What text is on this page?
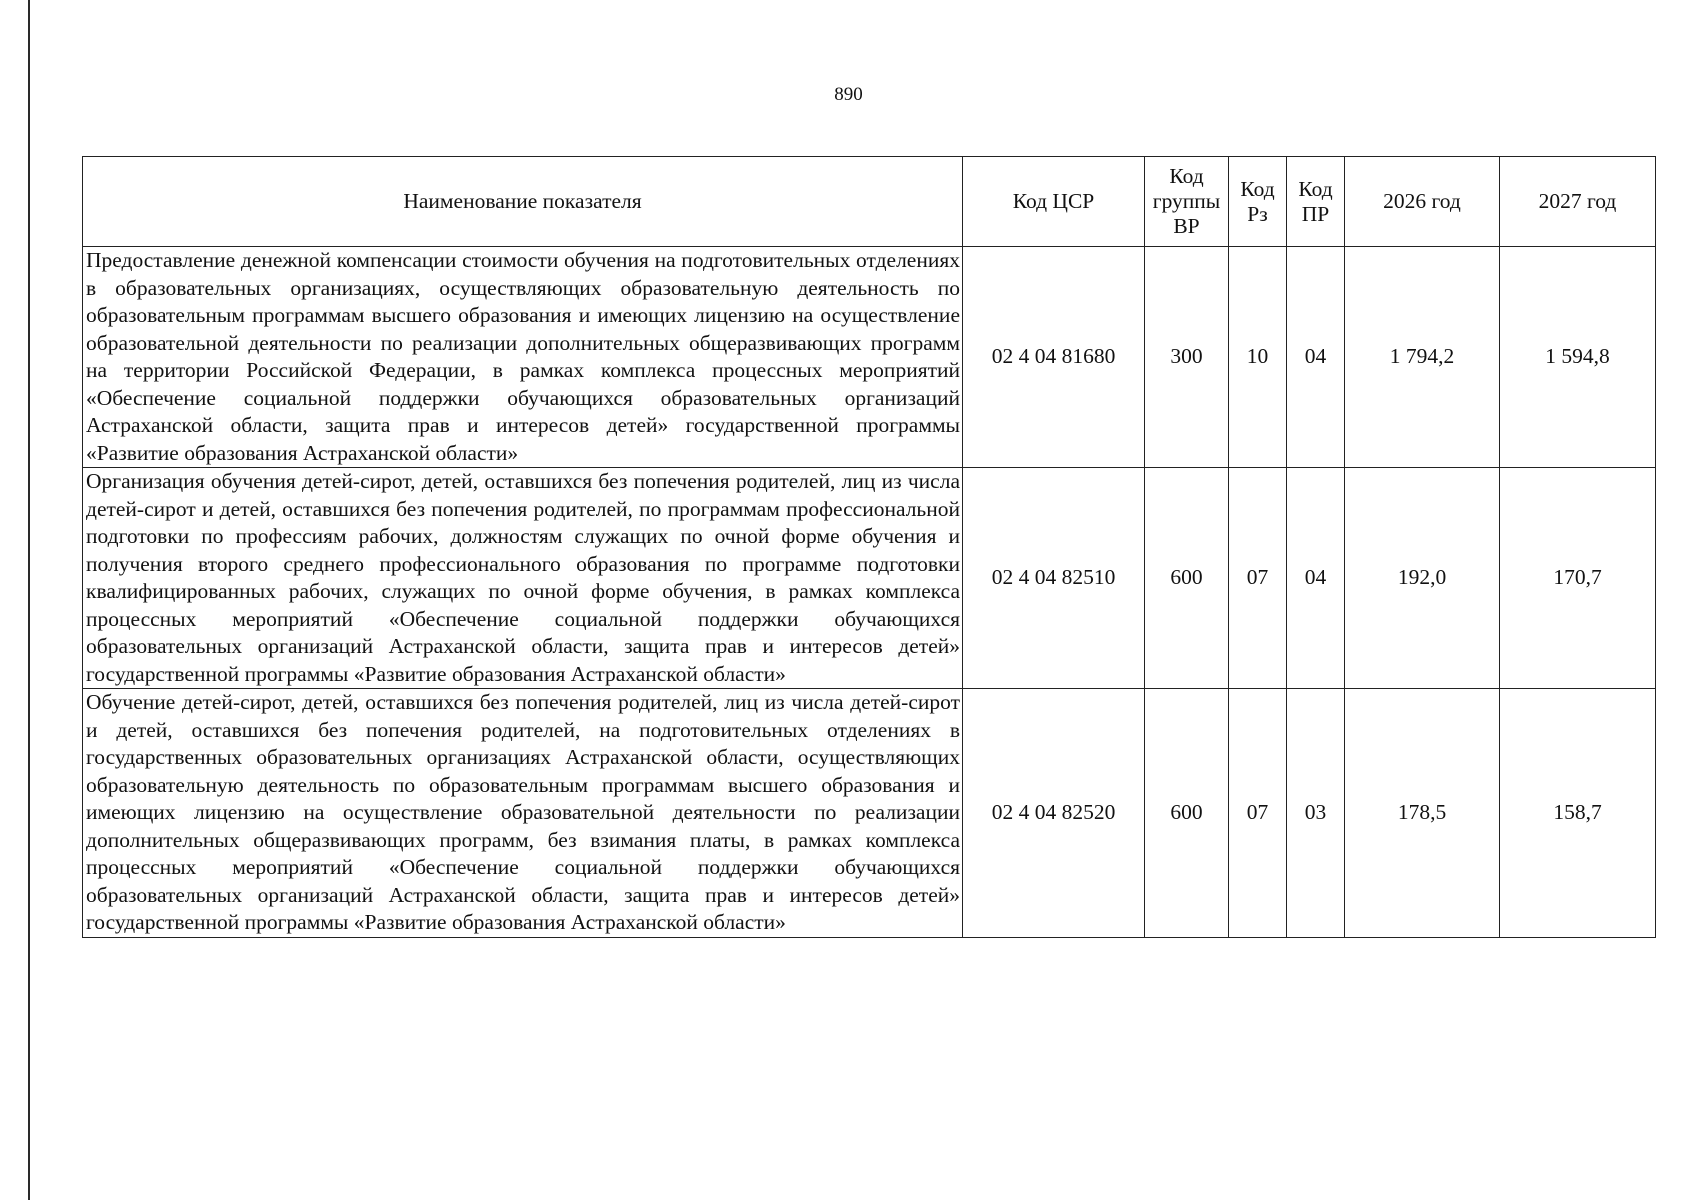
890
Наименование показателя	Код ЦСР	Код группы ВР	Код Рз	Код ПР	2026 год	2027 год
Предоставление денежной компенсации стоимости обучения на подготовительных отделениях в образовательных организациях, осуществляющих образовательную деятельность по образовательным программам высшего образования и имеющих лицензию на осуществление образовательной деятельности по реализации дополнительных общеразвивающих программ на территории Российской Федерации, в рамках комплекса процессных мероприятий «Обеспечение социальной поддержки обучающихся образовательных организаций Астраханской области, защита прав и интересов детей» государственной программы «Развитие образования Астраханской области»	02 4 04 81680	300	10	04	1 794,2	1 594,8
Организация обучения детей-сирот, детей, оставшихся без попечения родителей, лиц из числа детей-сирот и детей, оставшихся без попечения родителей, по программам профессиональной подготовки по профессиям рабочих, должностям служащих по очной форме обучения и получения второго среднего профессионального образования по программе подготовки квалифицированных рабочих, служащих по очной форме обучения, в рамках комплекса процессных мероприятий «Обеспечение социальной поддержки обучающихся образовательных организаций Астраханской области, защита прав и интересов детей» государственной программы «Развитие образования Астраханской области»	02 4 04 82510	600	07	04	192,0	170,7
Обучение детей-сирот, детей, оставшихся без попечения родителей, лиц из числа детей-сирот и детей, оставшихся без попечения родителей, на подготовительных отделениях в государственных образовательных организациях Астраханской области, осуществляющих образовательную деятельность по образовательным программам высшего образования и имеющих лицензию на осуществление образовательной деятельности по реализации дополнительных общеразвивающих программ, без взимания платы, в рамках комплекса процессных мероприятий «Обеспечение социальной поддержки обучающихся образовательных организаций Астраханской области, защита прав и интересов детей» государственной программы «Развитие образования Астраханской области»	02 4 04 82520	600	07	03	178,5	158,7
